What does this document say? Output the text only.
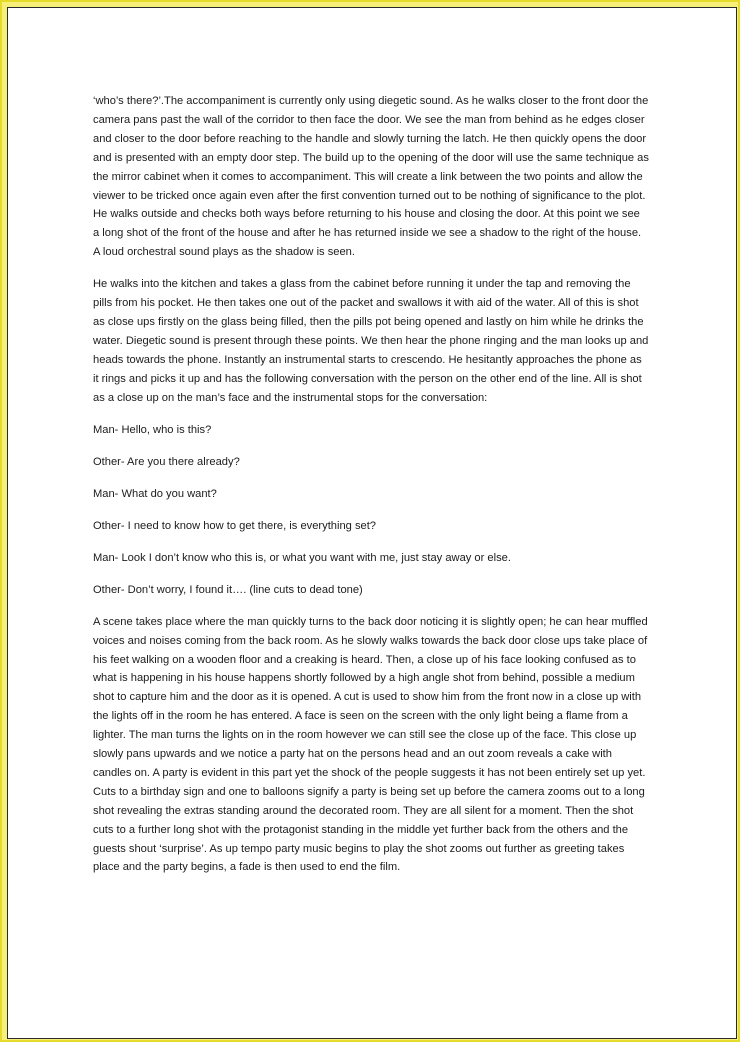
‘who’s there?’.The accompaniment is currently only using diegetic sound. As he walks closer to the front door the camera pans past the wall of the corridor to then face the door. We see the man from behind as he edges closer and closer to the door before reaching to the handle and slowly turning the latch. He then quickly opens the door and is presented with an empty door step. The build up to the opening of the door will use the same technique as the mirror cabinet when it comes to accompaniment. This will create a link between the two points and allow the viewer to be tricked once again even after the first convention turned out to be nothing of significance to the plot. He walks outside and checks both ways before returning to his house and closing the door. At this point we see a long shot of the front of the house and after he has returned inside we see a shadow to the right of the house. A loud orchestral sound plays as the shadow is seen.

He walks into the kitchen and takes a glass from the cabinet before running it under the tap and removing the pills from his pocket. He then takes one out of the packet and swallows it with aid of the water. All of this is shot as close ups firstly on the glass being filled, then the pills pot being opened and lastly on him while he drinks the water. Diegetic sound is present through these points. We then hear the phone ringing and the man looks up and heads towards the phone. Instantly an instrumental starts to crescendo. He hesitantly approaches the phone as it rings and picks it up and has the following conversation with the person on the other end of the line. All is shot as a close up on the man’s face and the instrumental stops for the conversation:

Man- Hello, who is this?

Other- Are you there already?

Man- What do you want?

Other- I need to know how to get there, is everything set?

Man- Look I don’t know who this is, or what you want with me, just stay away or else.

Other- Don’t worry, I found it…. (line cuts to dead tone)

A scene takes place where the man quickly turns to the back door noticing it is slightly open; he can hear muffled voices and noises coming from the back room. As he slowly walks towards the back door close ups take place of his feet walking on a wooden floor and a creaking is heard. Then, a close up of his face looking confused as to what is happening in his house happens shortly followed by a high angle shot from behind, possible a medium shot to capture him and the door as it is opened. A cut is used to show him from the front now in a close up with the lights off in the room he has entered. A face is seen on the screen with the only light being a flame from a lighter. The man turns the lights on in the room however we can still see the close up of the face. This close up slowly pans upwards and we notice a party hat on the persons head and an out zoom reveals a cake with candles on. A party is evident in this part yet the shock of the people suggests it has not been entirely set up yet. Cuts to a birthday sign and one to balloons signify a party is being set up before the camera zooms out to a long shot revealing the extras standing around the decorated room. They are all silent for a moment. Then the shot cuts to a further long shot with the protagonist standing in the middle yet further back from the others and the guests shout ‘surprise’. As up tempo party music begins to play the shot zooms out further as greeting takes place and the party begins, a fade is then used to end the film.
